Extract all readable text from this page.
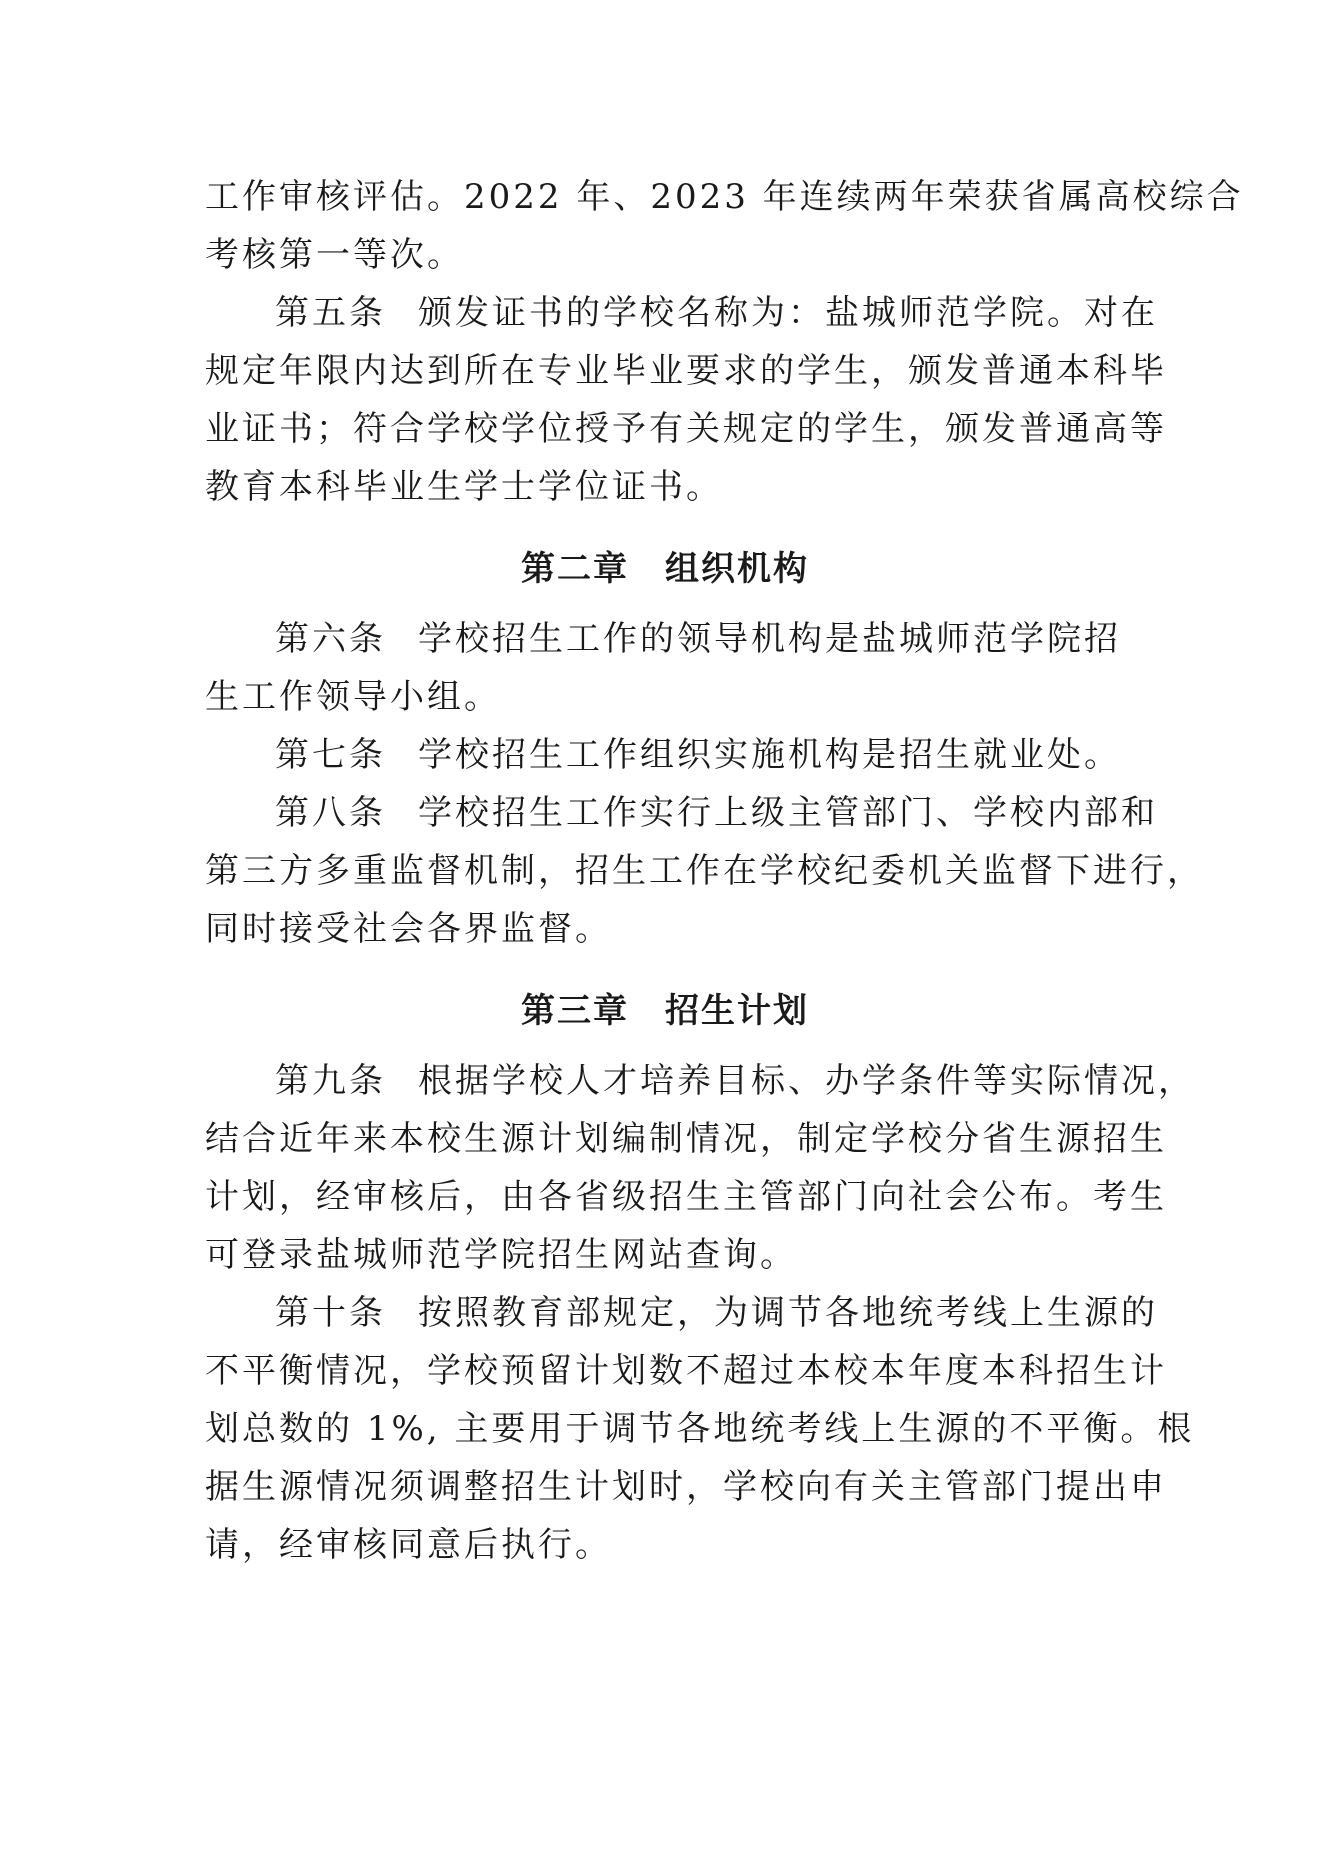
工作审核评估。2022 年、2023 年连续两年荣获省属高校综合
考核第一等次。
第五条 颁发证书的学校名称为：盐城师范学院。对在
规定年限内达到所在专业毕业要求的学生，颁发普通本科毕
业证书；符合学校学位授予有关规定的学生，颁发普通高等
教育本科毕业生学士学位证书。
第二章 组织机构
第六条 学校招生工作的领导机构是盐城师范学院招
生工作领导小组。
第七条 学校招生工作组织实施机构是招生就业处。
第八条 学校招生工作实行上级主管部门、学校内部和
第三方多重监督机制，招生工作在学校纪委机关监督下进行，
同时接受社会各界监督。
第三章 招生计划
第九条 根据学校人才培养目标、办学条件等实际情况，
结合近年来本校生源计划编制情况，制定学校分省生源招生
计划，经审核后，由各省级招生主管部门向社会公布。考生
可登录盐城师范学院招生网站查询。
第十条 按照教育部规定，为调节各地统考线上生源的
不平衡情况，学校预留计划数不超过本校本年度本科招生计
划总数的 1%, 主要用于调节各地统考线上生源的不平衡。根
据生源情况须调整招生计划时，学校向有关主管部门提出申
请，经审核同意后执行。
